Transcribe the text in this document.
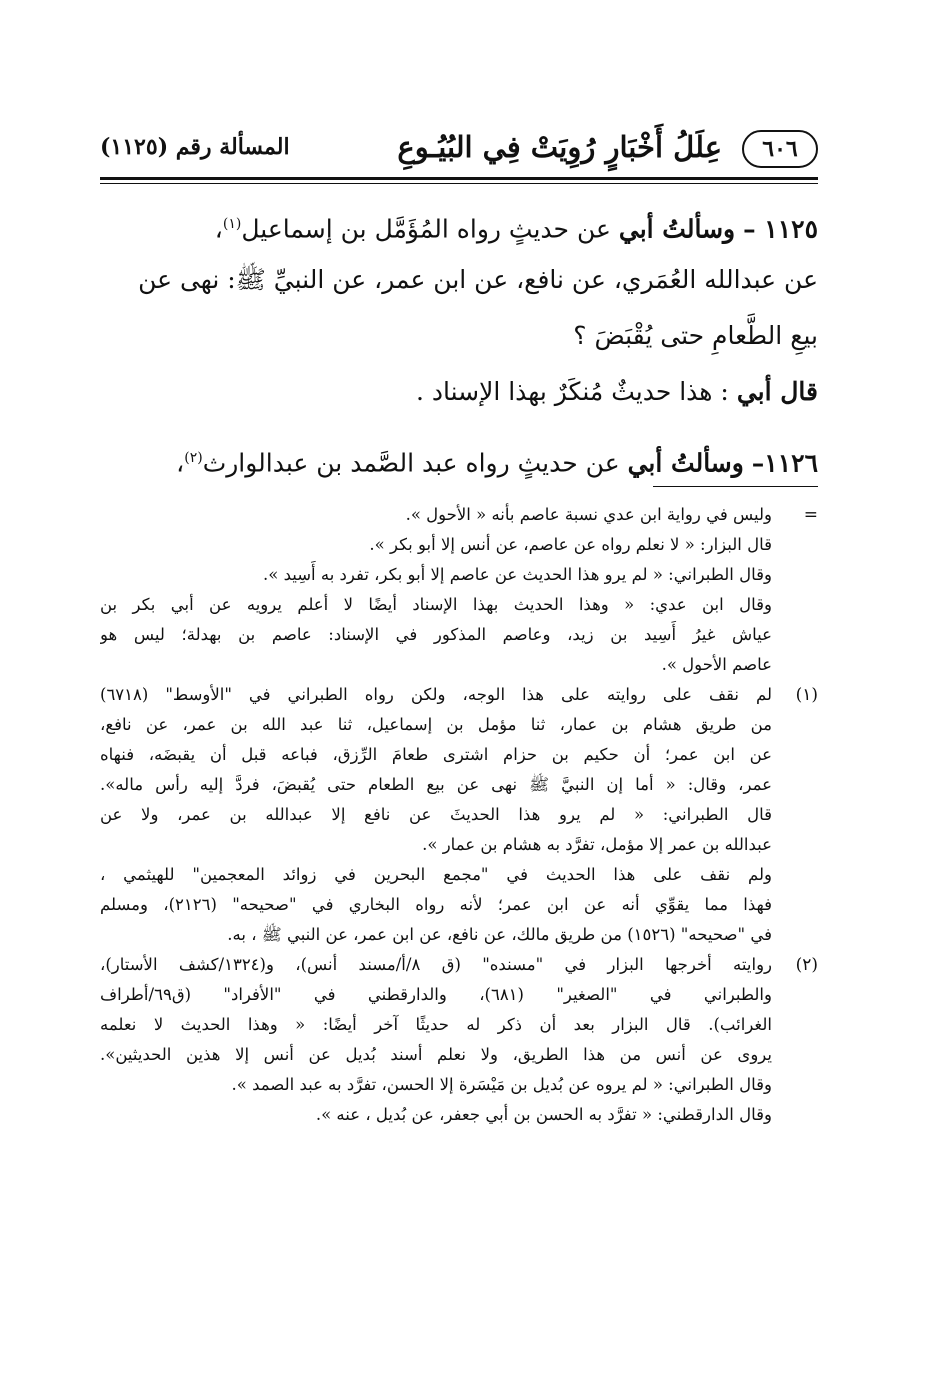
٦٠٦
عِلَلُ أَخْبَارٍ رُوِيَتْ فِي البُيُـوعِ
المسألة رقم (١١٢٥)
١١٢٥ – وسألتُ أبي عن حديثٍ رواه المُؤَمَّل بن إسماعيل$^{(١)}$،
عن عبدالله العُمَري، عن نافع، عن ابن عمر، عن النبيِّ ﷺ: نهى عن
بيعِ الطَّعامِ حتى يُقْبَضَ ؟
قال أبي : هذا حديثٌ مُنكَرٌ بهذا الإسناد .
١١٢٦– وسألتُ أبي عن حديثٍ رواه عبد الصَّمد بن عبدالوارث$^{(٢)}$،
=
وليس في رواية ابن عدي نسبة عاصم بأنه « الأحول ».
قال البزار: « لا نعلم رواه عن عاصم، عن أنس إلا أبو بكر ».
وقال الطبراني: « لم يرو هذا الحديث عن عاصم إلا أبو بكر، تفرد به أَسِيد ».
وقال ابن عدي: « وهذا الحديث بهذا الإسناد أيضًا لا أعلم يرويه عن أبي بكر بن
عياش غيرُ أَسِيد بن زيد، وعاصم المذكور في الإسناد: عاصم بن بهدلة؛ ليس هو
عاصم الأحول ».
(١)
لم نقف على روايته على هذا الوجه، ولكن رواه الطبراني في "الأوسط" (٦٧١٨)
من طريق هشام بن عمار، ثنا مؤمل بن إسماعيل، ثنا عبد الله بن عمر، عن نافع،
عن ابن عمر؛ أن حكيم بن حزام اشترى طعامَ الرِّزق، فباعه قبل أن يقبضَه، فنهاه
عمر، وقال: « أما إن النبيَّ ﷺ نهى عن بيع الطعام حتى يُقبضَ، فردَّ إليه رأس ماله».
قال الطبراني: « لم يرو هذا الحديثَ عن نافع إلا عبدالله بن عمر، ولا عن
عبدالله بن عمر إلا مؤمل، تفرَّد به هشام بن عمار ».
ولم نقف على هذا الحديث في "مجمع البحرين في زوائد المعجمين" للهيثمي ،
فهذا مما يقوِّي أنه عن ابن عمر؛ لأنه رواه البخاري في "صحيحه" (٢١٢٦)، ومسلم
في "صحيحه" (١٥٢٦) من طريق مالك، عن نافع، عن ابن عمر، عن النبي ﷺ ، به.
(٢)
روايته أخرجها البزار في "مسنده" (ق ٨/أ/مسند أنس)، و(١٣٢٤/كشف الأستار)،
والطبراني في "الصغير" (٦٨١)، والدارقطني في "الأفراد" (ق٦٩/أطراف
الغرائب). قال البزار بعد أن ذكر له حديثًا آخر أيضًا: « وهذا الحديث لا نعلمه
يروى عن أنس من هذا الطريق، ولا نعلم أسند بُديل عن أنس إلا هذين الحديثين».
وقال الطبراني: « لم يروه عن بُديل بن مَيْسَرة إلا الحسن، تفرَّد به عبد الصمد ».
وقال الدارقطني: « تفرَّد به الحسن بن أبي جعفر، عن بُديل ، عنه ».
